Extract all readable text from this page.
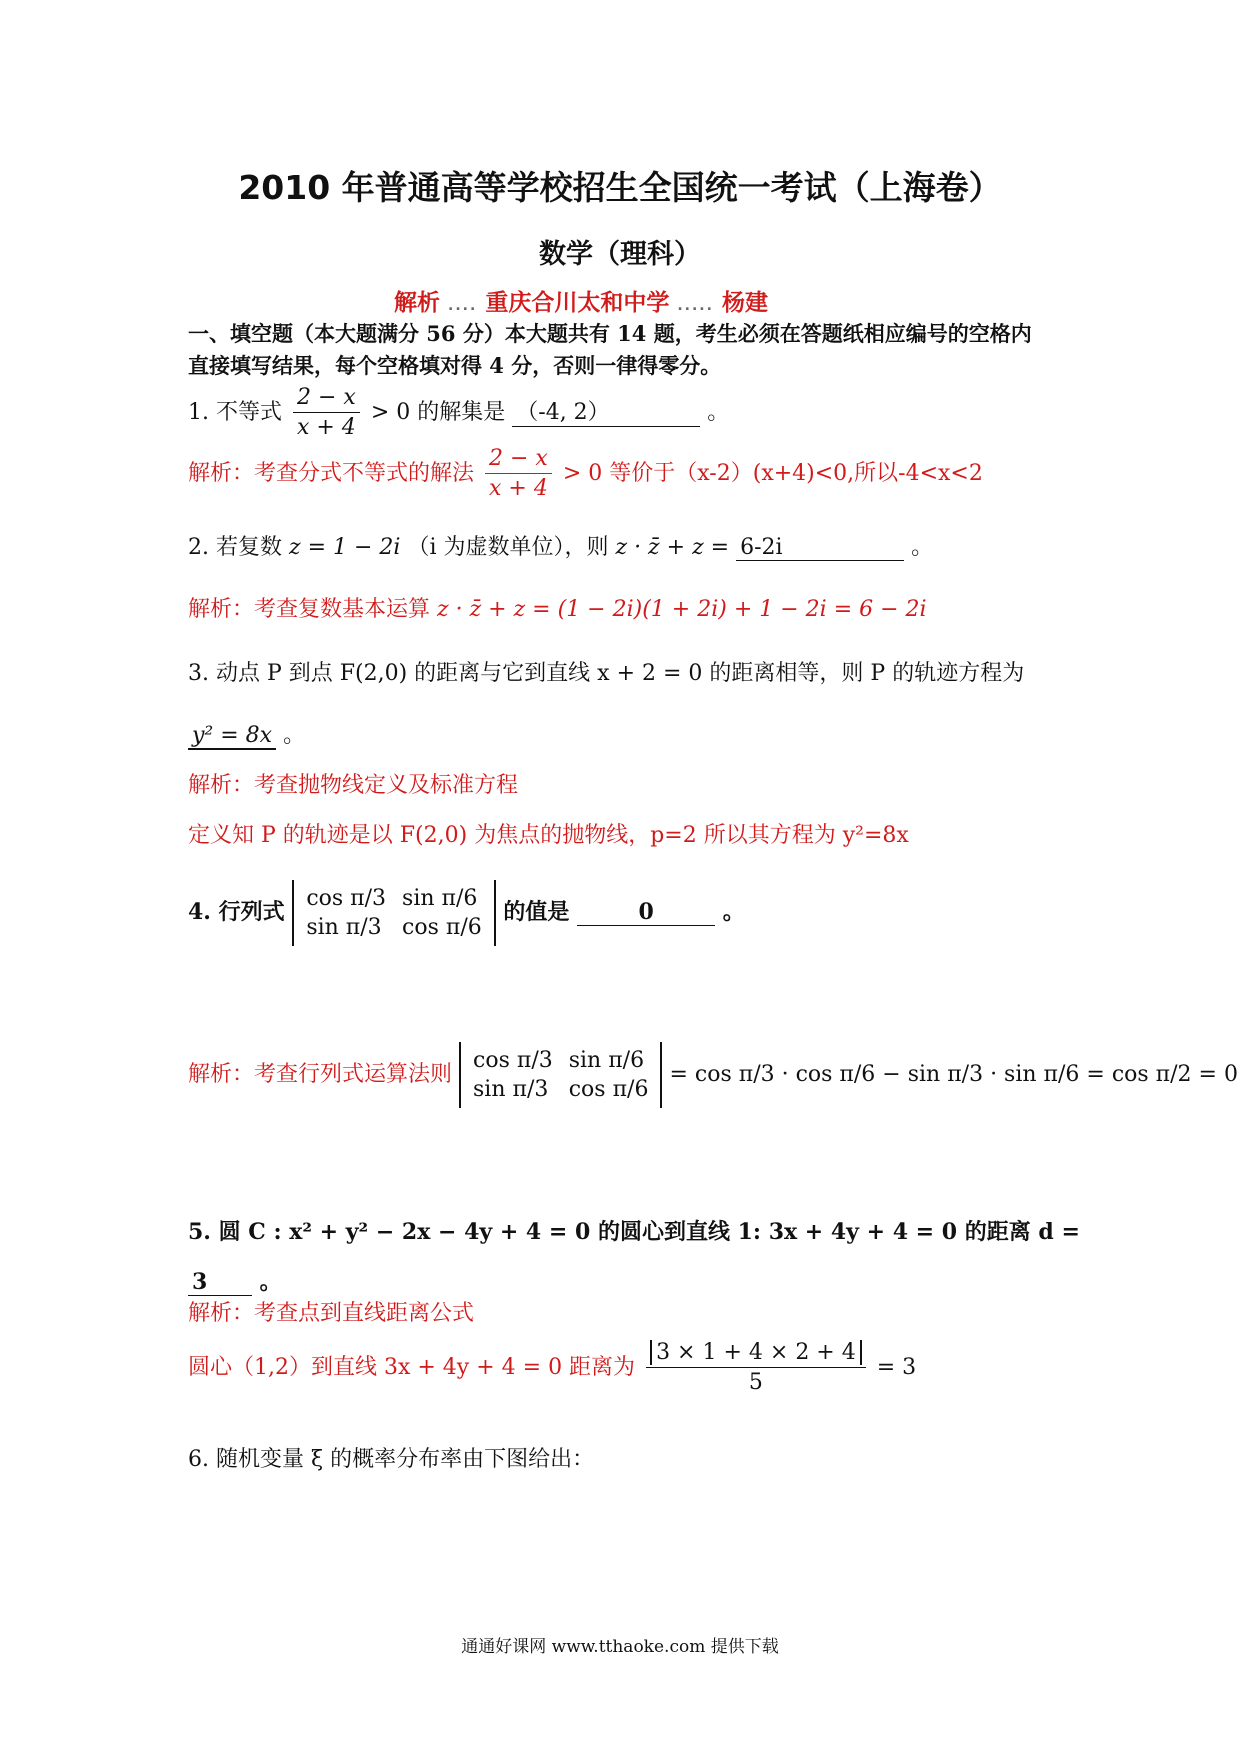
2010 年普通高等学校招生全国统一考试（上海卷）
数学（理科）
解析 .... 重庆合川太和中学 ..... 杨建
一、填空题（本大题满分 56 分）本大题共有 14 题，考生必须在答题纸相应编号的空格内
直接填写结果，每个空格填对得 4 分，否则一律得零分。
1. 不等式 $\frac{2 - x}{x + 4} > 0$ 的解集是 （-4, 2）	。
解析：考查分式不等式的解法 $\frac{2 - x}{x + 4} > 0$ 等价于（x-2）(x+4)<0,所以-4<x<2
2. 若复数 z = 1 − 2i （i 为虚数单位），则 z · z̄ + z = 6-2i	。
解析：考查复数基本运算 z · z̄ + z = (1 − 2i)(1 + 2i) + 1 − 2i = 6 − 2i
3. 动点 P 到点 F(2,0) 的距离与它到直线 x + 2 = 0 的距离相等，则 P 的轨迹方程为
y² = 8x 。
解析：考查抛物线定义及标准方程
定义知 P 的轨迹是以 F(2,0) 为焦点的抛物线，p=2 所以其方程为 y²=8x
4. 行列式
cos π/3	sin π/6
sin π/3	cos π/6
的值是	0	。
解析：考查行列式运算法则
cos π/3	sin π/6
sin π/3	cos π/6
= cos π/3 · cos π/6 − sin π/3 · sin π/6 = cos π/2 = 0
5. 圆 C : x² + y² − 2x − 4y + 4 = 0 的圆心到直线 1: 3x + 4y + 4 = 0 的距离 d =
3 。
解析：考查点到直线距离公式
圆心（1,2）到直线 3x + 4y + 4 = 0 距离为 $\frac{3 \times 1 + 4 \times 2 + 4}{5} = 3$
6. 随机变量 ξ 的概率分布率由下图给出：
通通好课网 www.tthaoke.com 提供下载
